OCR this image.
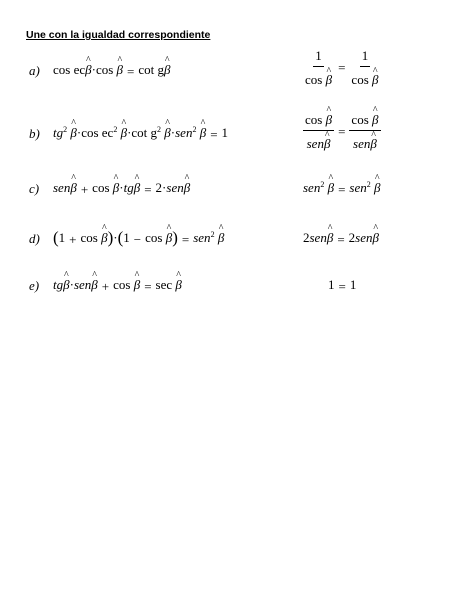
Une con la igualdad correspondiente
a) cos ec^ β·cos ^ β = cot g^ β	$\frac{1}{\cos \^{} \beta} = \frac{1}{\cos \^{} \beta}$
b) $tg^2$ ^ β·cos $ec^2$ ^ β·cot $g^2$ ^ β·sen$^2$ ^ β = 1	$\frac{\cos \^{} \beta}{\text{sen\textasciicircum{} β}} = \frac{\cos \^{} \beta}{\text{sen\textasciicircum{} β}}$
c) sen^ β + cos ^ β·tg^ β = 2·sen^ β	sen$^2$ ^ β = sen$^2$ ^ β
d) (1 + cos ^ β)·(1 − cos ^ β) = sen$^2$ ^ β	2sen^ β = 2sen^ β
e) tg^ β·sen^ β + cos ^ β = sec ^ β	1 = 1
